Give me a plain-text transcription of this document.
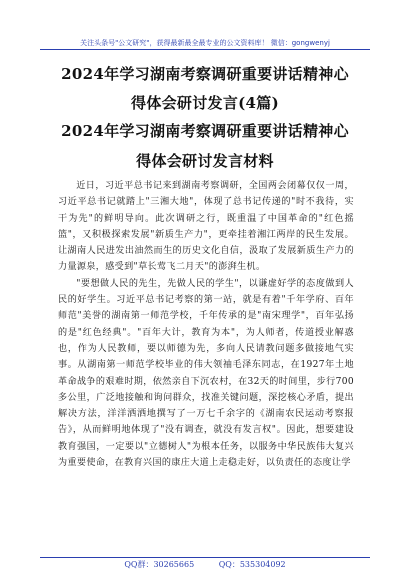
关注头条号"公文研究"，获得最新最全最专业的公文资料库！ 微信：gongwenyj
2024年学习湖南考察调研重要讲话精神心
得体会研讨发言(4篇)
2024年学习湖南考察调研重要讲话精神心
得体会研讨发言材料

近日，习近平总书记来到湖南考察调研，全国两会闭幕仅仅一周，习近平总书记就踏上"三湘大地"，体现了总书记传递的"时不我待，实干为先"的鲜明导向。此次调研之行，既重温了中国革命的"红色摇篮"，又积极探索发展"新质生产力"，更牵挂着湘江两岸的民生发展。让湖南人民进发出油然而生的历史文化自信，汲取了发展新质生产力的力量源泉，感受到"草长莺飞二月天"的澎湃生机。

"要想做人民的先生，先做人民的学生"，以谦虚好学的态度做到人民的好学生。习近平总书记考察的第一站，就是有着"千年学府、百年师范"美誉的湖南第一师范学校，千年传承的是"南宋理学"，百年弘扬的是"红色经典"。"百年大计，教育为本"，为人师者，传道授业解惑也，作为人民教师，要以师德为先，多向人民请教问题多做接地气实事。从湖南第一师范学校毕业的伟大领袖毛泽东同志，在1927年土地革命战争的艰难时期，依然亲自下沉农村，在32天的时间里，步行700多公里，广泛地接触和询问群众，找准关键问题，深挖核心矛盾，提出解决方法，洋洋洒洒地撰写了一万七千余字的《湖南农民运动考察报告》，从而鲜明地体现了"没有调查，就没有发言权"。因此，想要建设教育强国，一定要以"立德树人"为根本任务，以服务中华民族伟大复兴为重要使命，在教育兴国的康庄大道上走稳走好，以负责任的态度让学

QQ群：30265665	QQ：535304092
